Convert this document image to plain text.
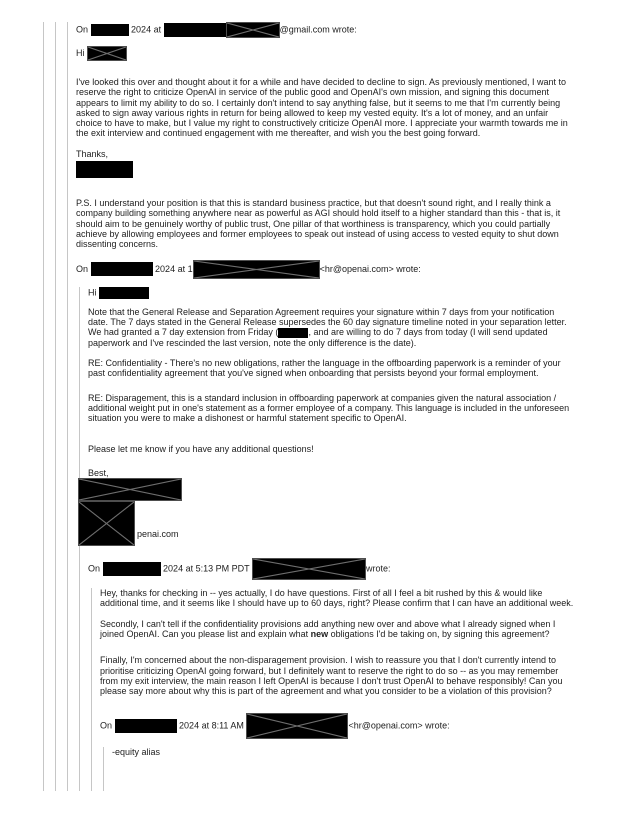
On	2024 at	@gmail.com wrote:

Hi

I've looked this over and thought about it for a while and have decided to decline to sign. As previously mentioned, I want to reserve the right to criticize OpenAI in service of the public good and OpenAI's own mission, and signing this document appears to limit my ability to do so. I certainly don't intend to say anything false, but it seems to me that I'm currently being asked to sign away various rights in return for being allowed to keep my vested equity. It's a lot of money, and an unfair choice to have to make, but I value my right to constructively criticize OpenAI more. I appreciate your warmth towards me in the exit interview and continued engagement with me thereafter, and wish you the best going forward.

Thanks,

P.S. I understand your position is that this is standard business practice, but that doesn't sound right, and I really think a company building something anywhere near as powerful as AGI should hold itself to a higher standard than this - that is, it should aim to be genuinely worthy of public trust, One pillar of that worthiness is transparency, which you could partially achieve by allowing employees and former employees to speak out instead of using access to vested equity to shut down dissenting concerns.

On	2024 at 1	<hr@openai.com> wrote:

Hi

Note that the General Release and Separation Agreement requires your signature within 7 days from your notification date. The 7 days stated in the General Release supersedes the 60 day signature timeline noted in your separation letter. We had granted a 7 day extension from Friday (	, and are willing to do 7 days from today (I will send updated paperwork and I've rescinded the last version, note the only difference is the date).

RE: Confidentiality - There's no new obligations, rather the language in the offboarding paperwork is a reminder of your past confidentiality agreement that you've signed when onboarding that persists beyond your formal employment.

RE: Disparagement, this is a standard inclusion in offboarding paperwork at companies given the natural association / additional weight put in one's statement as a former employee of a company. This language is included in the unforeseen situation you were to make a dishonest or harmful statement specific to OpenAI.

Please let me know if you have any additional questions!

Best,

penai.com

On	2024 at 5:13 PM PDT	wrote:

Hey, thanks for checking in -- yes actually, I do have questions. First of all I feel a bit rushed by this & would like additional time, and it seems like I should have up to 60 days, right? Please confirm that I can have an additional week.

Secondly, I can't tell if the confidentiality provisions add anything new over and above what I already signed when I joined OpenAI. Can you please list and explain what new obligations I'd be taking on, by signing this agreement?

Finally, I'm concerned about the non-disparagement provision. I wish to reassure you that I don't currently intend to prioritise criticizing OpenAI going forward, but I definitely want to reserve the right to do so -- as you may remember from my exit interview, the main reason I left OpenAI is because I don't trust OpenAI to behave responsibly! Can you please say more about why this is part of the agreement and what you consider to be a violation of this provision?

On	2024 at 8:11 AM	<hr@openai.com> wrote:

-equity alias
